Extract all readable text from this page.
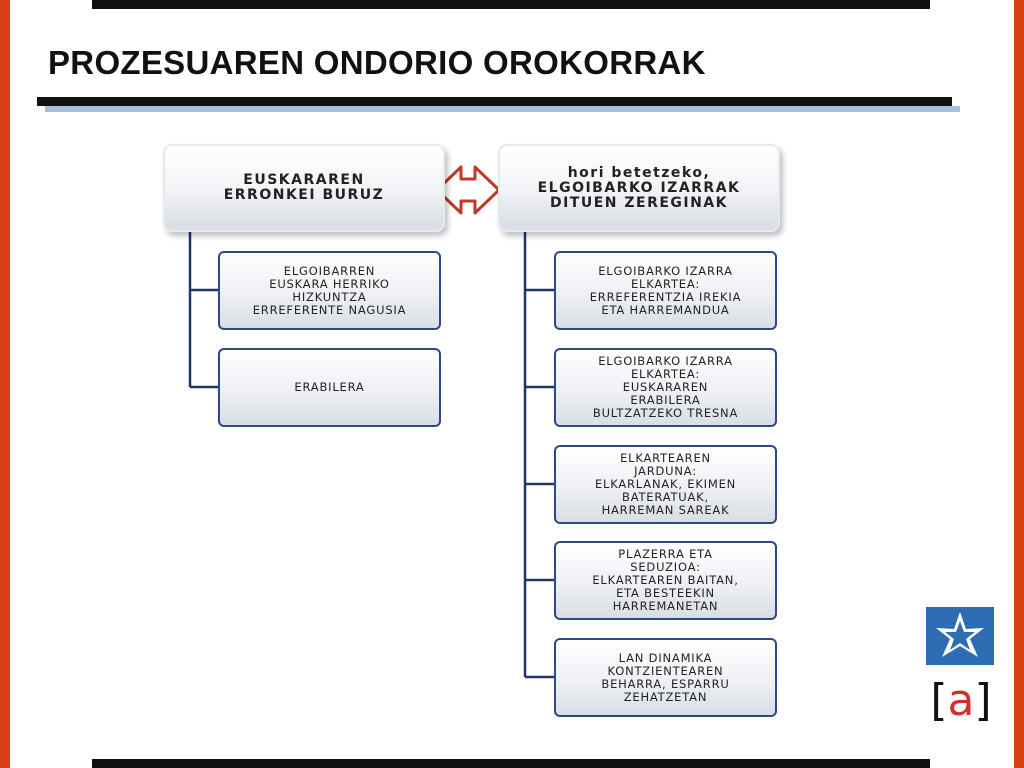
PROZESUAREN ONDORIO OROKORRAK
EUSKARAREN
ERRONKEI BURUZ
hori betetzeko,
ELGOIBARKO IZARRAK
DITUEN ZEREGINAK
ELGOIBARREN
EUSKARA HERRIKO
HIZKUNTZA
ERREFERENTE NAGUSIA
ERABILERA
ELGOIBARKO IZARRA
ELKARTEA:
ERREFERENTZIA IREKIA
ETA HARREMANDUA
ELGOIBARKO IZARRA
ELKARTEA:
EUSKARAREN
ERABILERA
BULTZATZEKO TRESNA
ELKARTEAREN
JARDUNA:
ELKARLANAK, EKIMEN
BATERATUAK,
HARREMAN SAREAK
PLAZERRA ETA
SEDUZIOA:
ELKARTEAREN BAITAN,
ETA BESTEEKIN
HARREMANETAN
LAN DINAMIKA
KONTZIENTEAREN
BEHARRA, ESPARRU
ZEHATZETAN	[a]
